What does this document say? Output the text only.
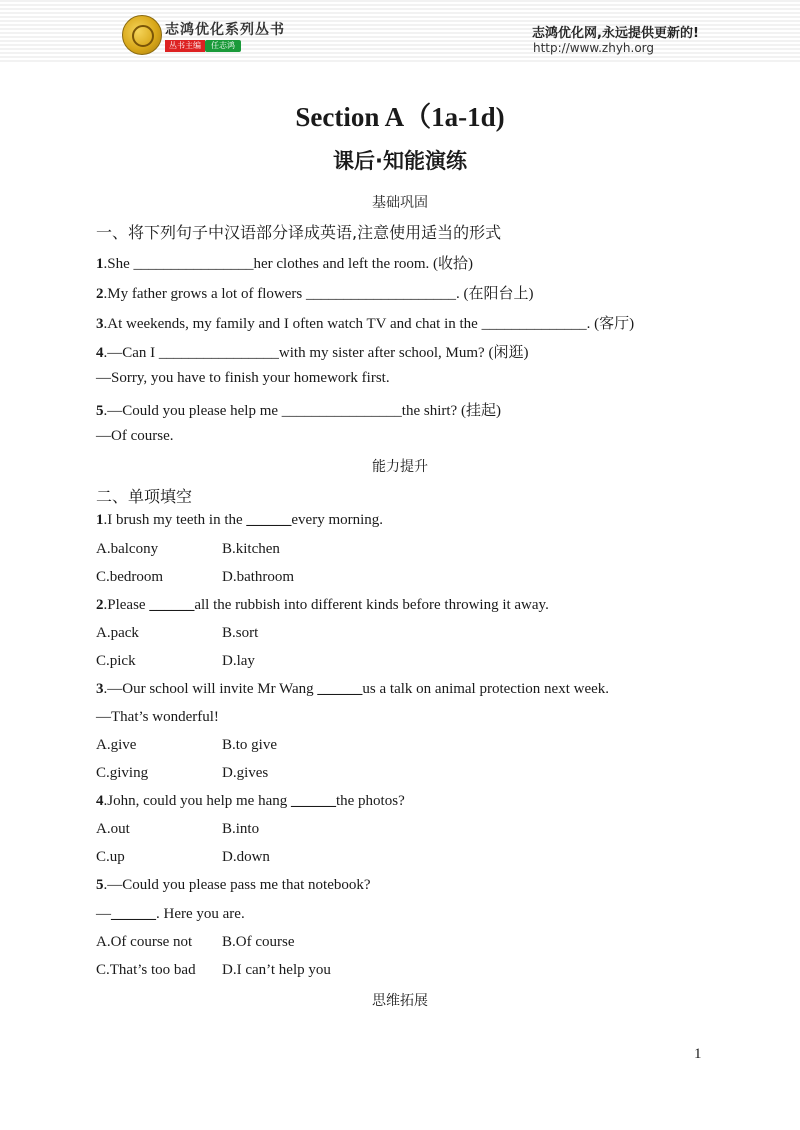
志鸿优化系列丛书
丛书主编	任志鸿
志鸿优化网,永远提供更新的!
http://www.zhyh.org
Section A（1a-1d)
课后·知能演练
基础巩固
一、将下列句子中汉语部分译成英语,注意使用适当的形式
1.She ________________her clothes and left the room. (收拾)
2.My father grows a lot of flowers ____________________. (在阳台上)
3.At weekends, my family and I often watch TV and chat in the ______________. (客厅)
4.—Can I ________________with my sister after school, Mum? (闲逛)
—Sorry, you have to finish your homework first.
5.—Could you please help me ________________the shirt? (挂起)
—Of course.
能力提升
二、单项填空
1.I brush my teeth in the ______every morning.
A.balcony	B.kitchen
C.bedroom	D.bathroom
2.Please ______all the rubbish into different kinds before throwing it away.
A.pack	B.sort
C.pick	D.lay
3.—Our school will invite Mr Wang ______us a talk on animal protection next week.
—That’s wonderful!
A.give	B.to give
C.giving	D.gives
4.John, could you help me hang ______the photos?
A.out	B.into
C.up	D.down
5.—Could you please pass me that notebook?
—______. Here you are.
A.Of course not B.Of course
C.That’s too bad D.I can’t help you
思维拓展
1
